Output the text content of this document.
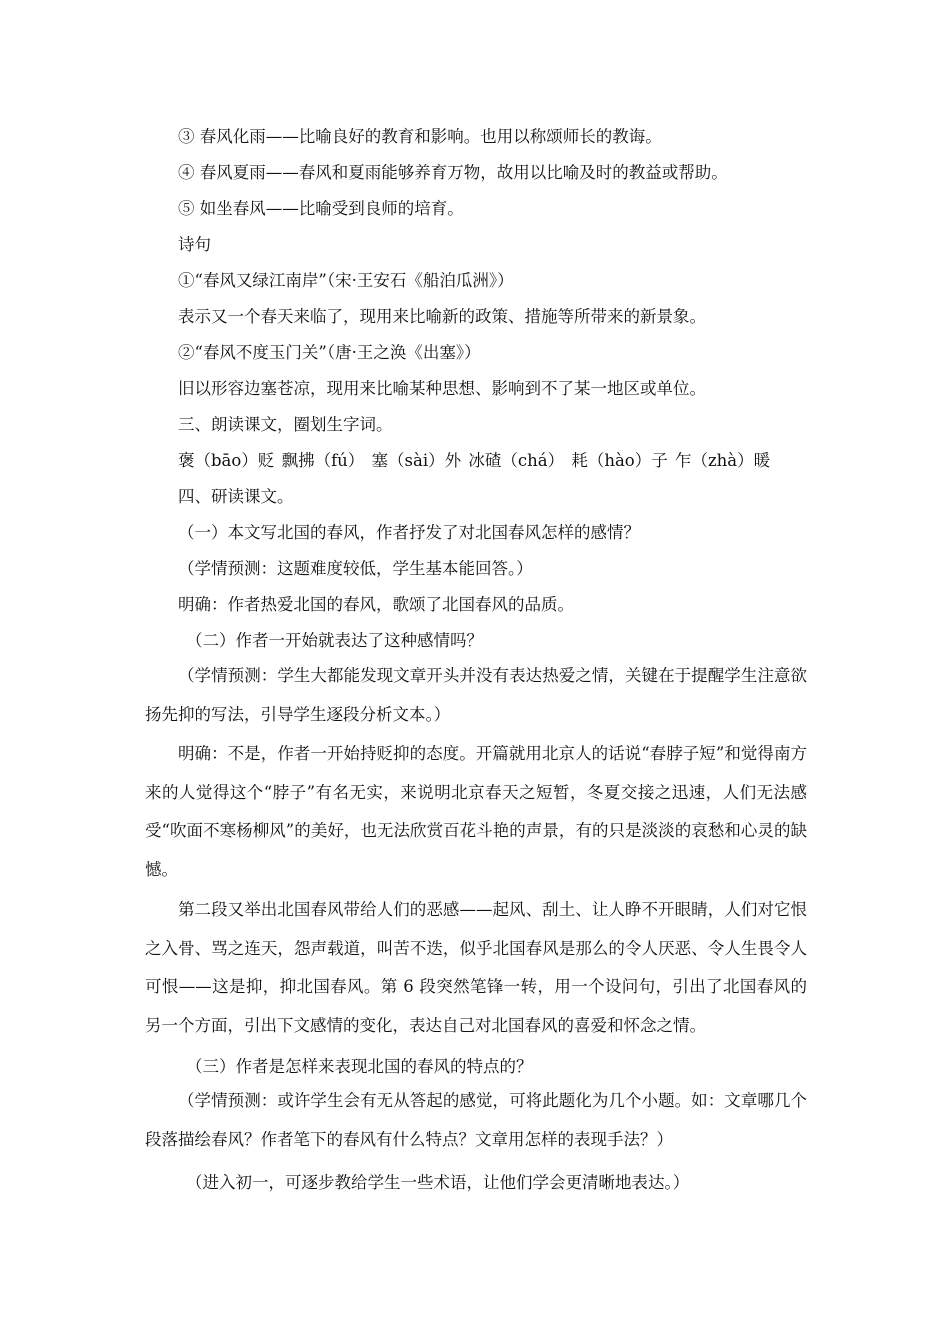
③ 春风化雨——比喻良好的教育和影响。也用以称颂师长的教诲。
④ 春风夏雨——春风和夏雨能够养育万物，故用以比喻及时的教益或帮助。
⑤ 如坐春风——比喻受到良师的培育。
诗句
①“春风又绿江南岸”（宋·王安石《船泊瓜洲》）
表示又一个春天来临了，现用来比喻新的政策、措施等所带来的新景象。
②“春风不度玉门关”（唐·王之涣《出塞》）
旧以形容边塞苍凉，现用来比喻某种思想、影响到不了某一地区或单位。
三、朗读课文，圈划生字词。
褒（bāo）贬 飘拂（fú） 塞（sài）外 冰碴（chá） 耗（hào）子 乍（zhà）暖
四、研读课文。
（一）本文写北国的春风，作者抒发了对北国春风怎样的感情？
（学情预测：这题难度较低，学生基本能回答。）
明确：作者热爱北国的春风，歌颂了北国春风的品质。
（二）作者一开始就表达了这种感情吗？
（学情预测：学生大都能发现文章开头并没有表达热爱之情，关键在于提醒学生注意欲扬先抑的写法，引导学生逐段分析文本。）
明确：不是，作者一开始持贬抑的态度。开篇就用北京人的话说“春脖子短”和觉得南方来的人觉得这个“脖子”有名无实，来说明北京春天之短暂，冬夏交接之迅速，人们无法感受“吹面不寒杨柳风”的美好，也无法欣赏百花斗艳的声景，有的只是淡淡的哀愁和心灵的缺憾。
第二段又举出北国春风带给人们的恶感——起风、刮土、让人睁不开眼睛，人们对它恨之入骨、骂之连天，怨声载道，叫苦不迭，似乎北国春风是那么的令人厌恶、令人生畏令人可恨——这是抑，抑北国春风。第 6 段突然笔锋一转，用一个设问句，引出了北国春风的另一个方面，引出下文感情的变化，表达自己对北国春风的喜爱和怀念之情。
（三）作者是怎样来表现北国的春风的特点的？
（学情预测：或许学生会有无从答起的感觉，可将此题化为几个小题。如：文章哪几个段落描绘春风？作者笔下的春风有什么特点？文章用怎样的表现手法？）
（进入初一，可逐步教给学生一些术语，让他们学会更清晰地表达。）
